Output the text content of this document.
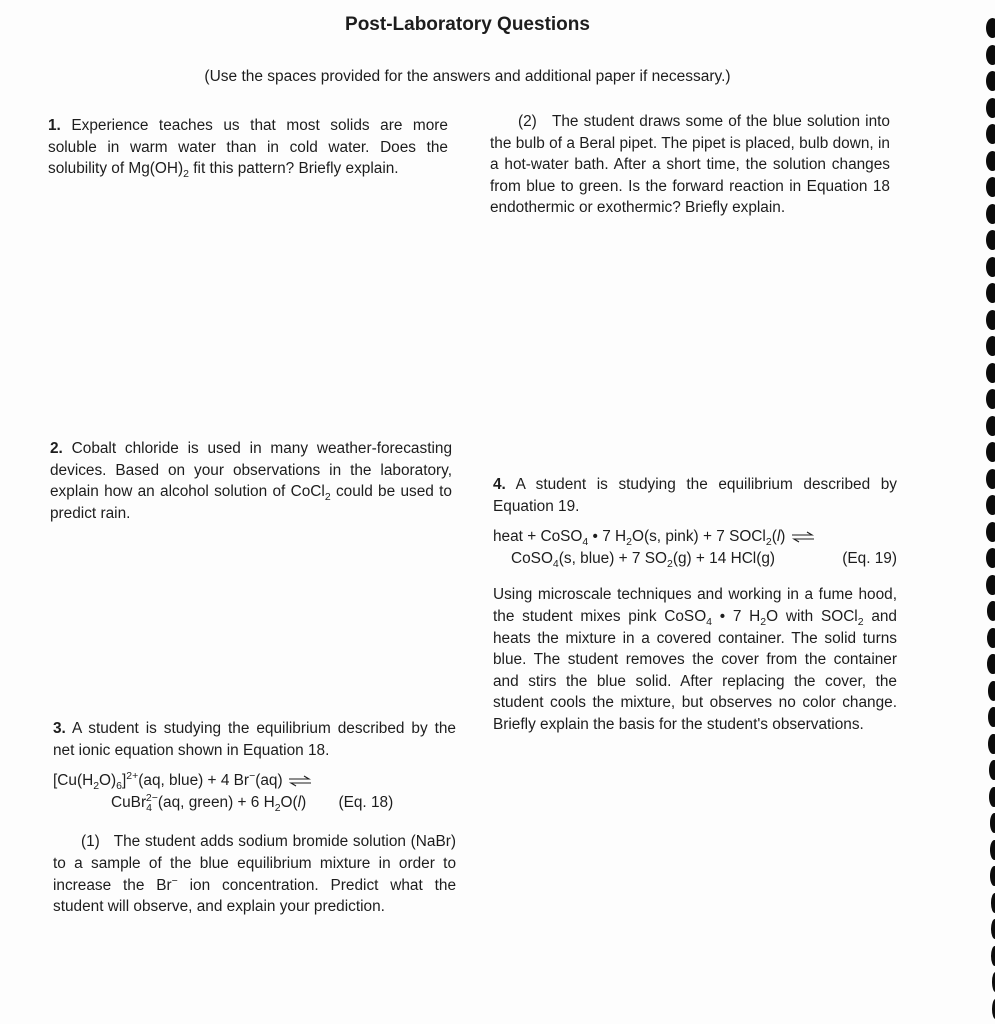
Post-Laboratory Questions
(Use the spaces provided for the answers and additional paper if necessary.)

1. Experience teaches us that most solids are more soluble in warm water than in cold water. Does the solubility of $Mg(OH)_2$ fit this pattern? Briefly explain.

(2) The student draws some of the blue solution into the bulb of a Beral pipet. The pipet is placed, bulb down, in a hot-water bath. After a short time, the solution changes from blue to green. Is the forward reaction in Equation 18 endothermic or exothermic? Briefly explain.

2. Cobalt chloride is used in many weather-forecasting devices. Based on your observations in the laboratory, explain how an alcohol solution of CoCl$_2$ could be used to predict rain.

4. A student is studying the equilibrium described by Equation 19.

heat + CoSO$_4$ • 7 $H_2O(s$, pink) + 7 SOCl$_2$(l) ⇌
CoSO$_4$(s, blue) + 7 $SO_2(g) + 14$ HCl(g)	(Eq. 19)

Using microscale techniques and working in a fume hood, the student mixes pink CoSO$_4$ • 7 $H_2O$ with SOCl$_2$ and heats the mixture in a covered container. The solid turns blue. The student removes the cover from the container and stirs the blue solid. After replacing the cover, the student cools the mixture, but observes no color change. Briefly explain the basis for the student's observations.

3. A student is studying the equilibrium described by the net ionic equation shown in Equation 18.

$[Cu(H_2O)_6]^{2+}(aq$, blue) + 4 Br−(aq) ⇌
CuBr$_4^{2-}$(aq, green) + 6 $H_2O(l)$ (Eq. 18)

(1) The student adds sodium bromide solution (NaBr) to a sample of the blue equilibrium mixture in order to increase the Br− ion concentration. Predict what the student will observe, and explain your prediction.
